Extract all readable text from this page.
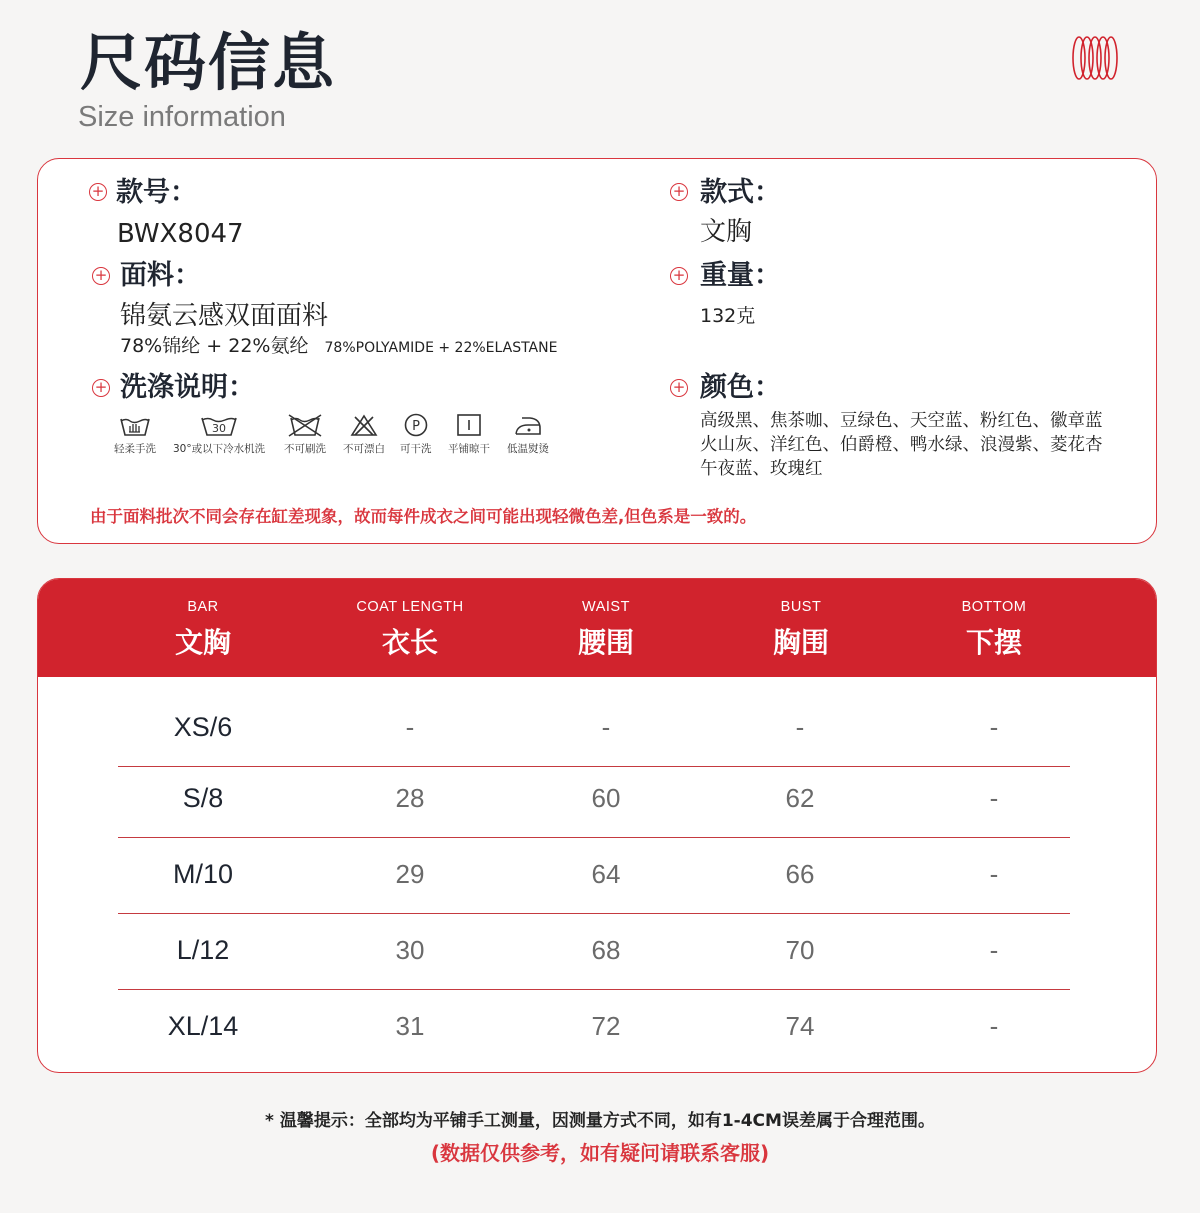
尺码信息
Size information
+ 款号：
BWX8047
+ 款式：
文胸
+ 面料：
锦氨云感双面面料
78%锦纶 + 22%氨纶 78%POLYAMIDE + 22%ELASTANE
+ 重量：
132克
+ 洗涤说明：
轻柔手洗
30
30°或以下冷水机洗 不可刷洗 不可漂白
P
可干洗 平铺晾干 低温熨烫
+ 颜色：
高级黑、焦茶咖、豆绿色、天空蓝、粉红色、徽章蓝
火山灰、洋红色、伯爵橙、鸭水绿、浪漫紫、菱花杏
午夜蓝、玫瑰红
由于面料批次不同会存在缸差现象，故而每件成衣之间可能出现轻微色差,但色系是一致的。
BAR
文胸
COAT LENGTH
衣长
WAIST
腰围
BUST
胸围
BOTTOM
下摆
XS/6	-	-	-	-
S/8	28	60	62	-
M/10	29	64	66	-
L/12	30	68	70	-
XL/14	31	72	74	-
* 温馨提示：全部均为平铺手工测量，因测量方式不同，如有1-4CM误差属于合理范围。
(数据仅供参考，如有疑问请联系客服)
